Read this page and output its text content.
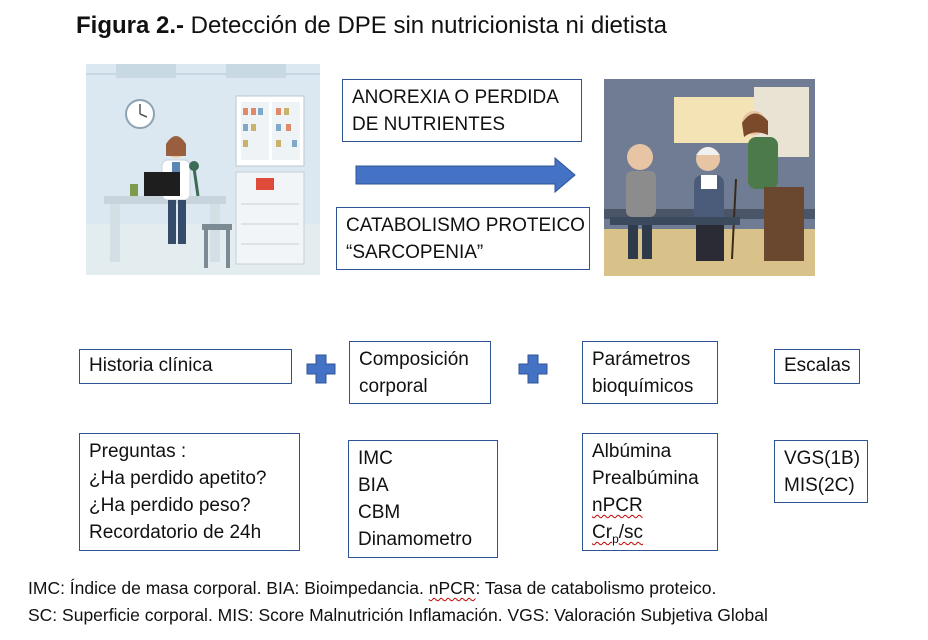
Figura 2.- Detección de DPE sin nutricionista ni dietista
ANOREXIA O PERDIDA
DE NUTRIENTES
CATABOLISMO PROTEICO
“SARCOPENIA”
Historia clínica	Composición
corporal
Parámetros
bioquímicos
Escalas
Preguntas :
¿Ha perdido apetito?
¿Ha perdido peso?
Recordatorio de 24h
IMC
BIA
CBM
Dinamometro
Albúmina
Prealbúmina
nPCR
$Cr_p/sc$
VGS(1B)
MIS(2C)
IMC: Índice de masa corporal. BIA: Bioimpedancia. nPCR: Tasa de catabolismo proteico.
SC: Superficie corporal. MIS: Score Malnutrición Inflamación. VGS: Valoración Subjetiva Global
